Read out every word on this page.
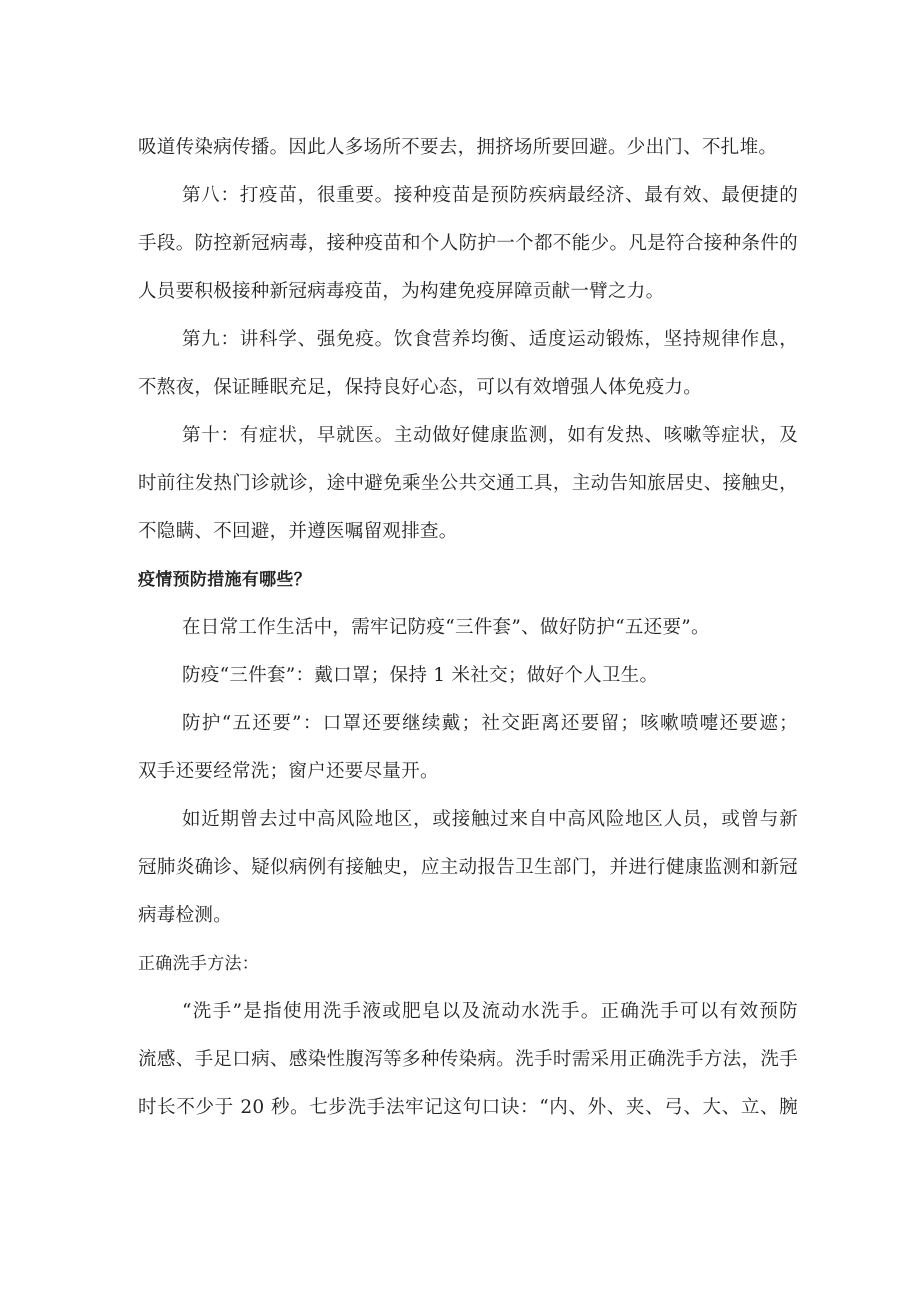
吸道传染病传播。因此人多场所不要去，拥挤场所要回避。少出门、不扎堆。

第八：打疫苗，很重要。接种疫苗是预防疾病最经济、最有效、最便捷的

手段。防控新冠病毒，接种疫苗和个人防护一个都不能少。凡是符合接种条件的

人员要积极接种新冠病毒疫苗，为构建免疫屏障贡献一臂之力。

第九：讲科学、强免疫。饮食营养均衡、适度运动锻炼，坚持规律作息，

不熬夜，保证睡眠充足，保持良好心态，可以有效增强人体免疫力。

第十：有症状，早就医。主动做好健康监测，如有发热、咳嗽等症状，及

时前往发热门诊就诊，途中避免乘坐公共交通工具，主动告知旅居史、接触史，

不隐瞒、不回避，并遵医嘱留观排查。

疫情预防措施有哪些？

在日常工作生活中，需牢记防疫“三件套”、做好防护“五还要”。

防疫“三件套”：戴口罩；保持 1 米社交；做好个人卫生。

防护“五还要”：口罩还要继续戴；社交距离还要留；咳嗽喷嚏还要遮；

双手还要经常洗；窗户还要尽量开。

如近期曾去过中高风险地区，或接触过来自中高风险地区人员，或曾与新

冠肺炎确诊、疑似病例有接触史，应主动报告卫生部门，并进行健康监测和新冠

病毒检测。

正确洗手方法：

“洗手”是指使用洗手液或肥皂以及流动水洗手。正确洗手可以有效预防

流感、手足口病、感染性腹泻等多种传染病。洗手时需采用正确洗手方法，洗手

时长不少于 20 秒。七步洗手法牢记这句口诀：“内、外、夹、弓、大、立、腕
